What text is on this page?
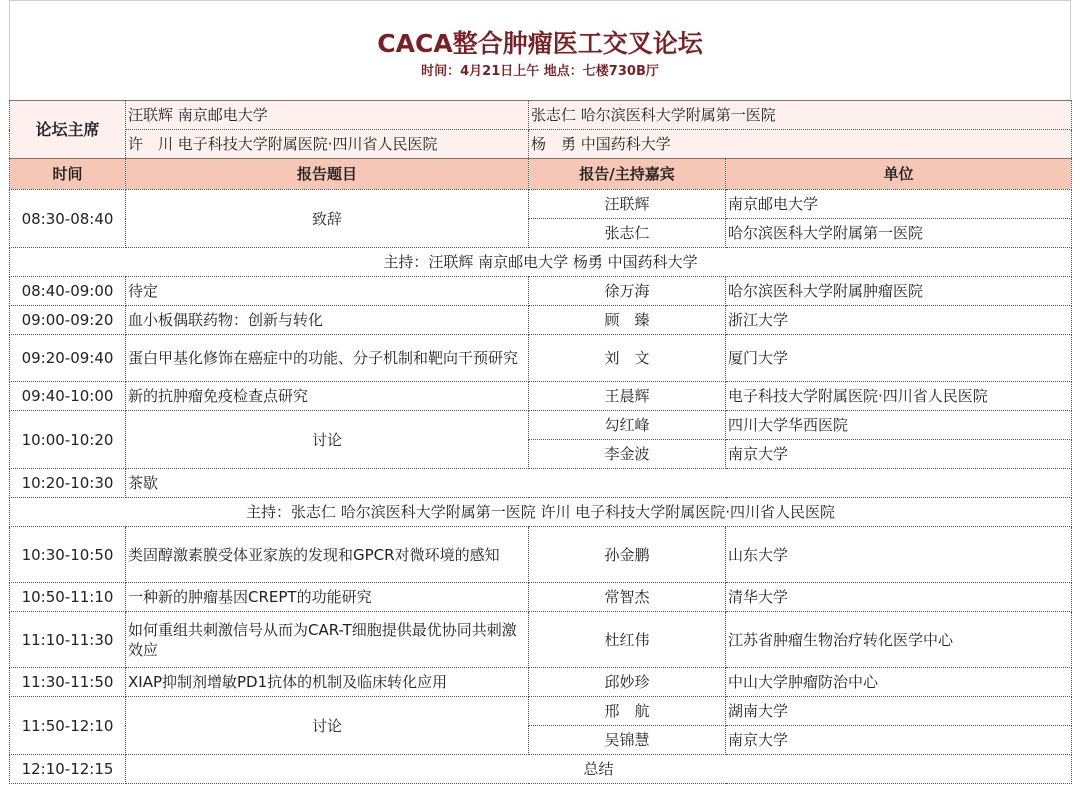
CACA整合肿瘤医工交叉论坛
时间：4月21日上午 地点：七楼730B厅
论坛主席	汪联辉 南京邮电大学	张志仁 哈尔滨医科大学附属第一医院	
	许　川 电子科技大学附属医院·四川省人民医院	杨　勇 中国药科大学	
时间	报告题目	报告/主持嘉宾	单位
08:30-08:40	致辞	汪联辉	南京邮电大学
		张志仁	哈尔滨医科大学附属第一医院
主持：汪联辉 南京邮电大学 杨勇 中国药科大学			
08:40-09:00	待定	徐万海	哈尔滨医科大学附属肿瘤医院
09:00-09:20	血小板偶联药物：创新与转化	顾　臻	浙江大学
09:20-09:40	蛋白甲基化修饰在癌症中的功能、分子机制和靶向干预研究	刘　文	厦门大学
09:40-10:00	新的抗肿瘤免疫检查点研究	王晨辉	电子科技大学附属医院·四川省人民医院
10:00-10:20	讨论	勾红峰	四川大学华西医院
		李金波	南京大学
10:20-10:30	茶歇		
主持：张志仁 哈尔滨医科大学附属第一医院 许川 电子科技大学附属医院·四川省人民医院			
10:30-10:50	类固醇激素膜受体亚家族的发现和GPCR对微环境的感知	孙金鹏	山东大学
10:50-11:10	一种新的肿瘤基因CREPT的功能研究	常智杰	清华大学
11:10-11:30	如何重组共刺激信号从而为CAR-T细胞提供最优协同共刺激效应	杜红伟	江苏省肿瘤生物治疗转化医学中心
11:30-11:50	XIAP抑制剂增敏PD1抗体的机制及临床转化应用	邱妙珍	中山大学肿瘤防治中心
11:50-12:10	讨论	邢　航	湖南大学
		吴锦慧	南京大学
12:10-12:15	总结		
